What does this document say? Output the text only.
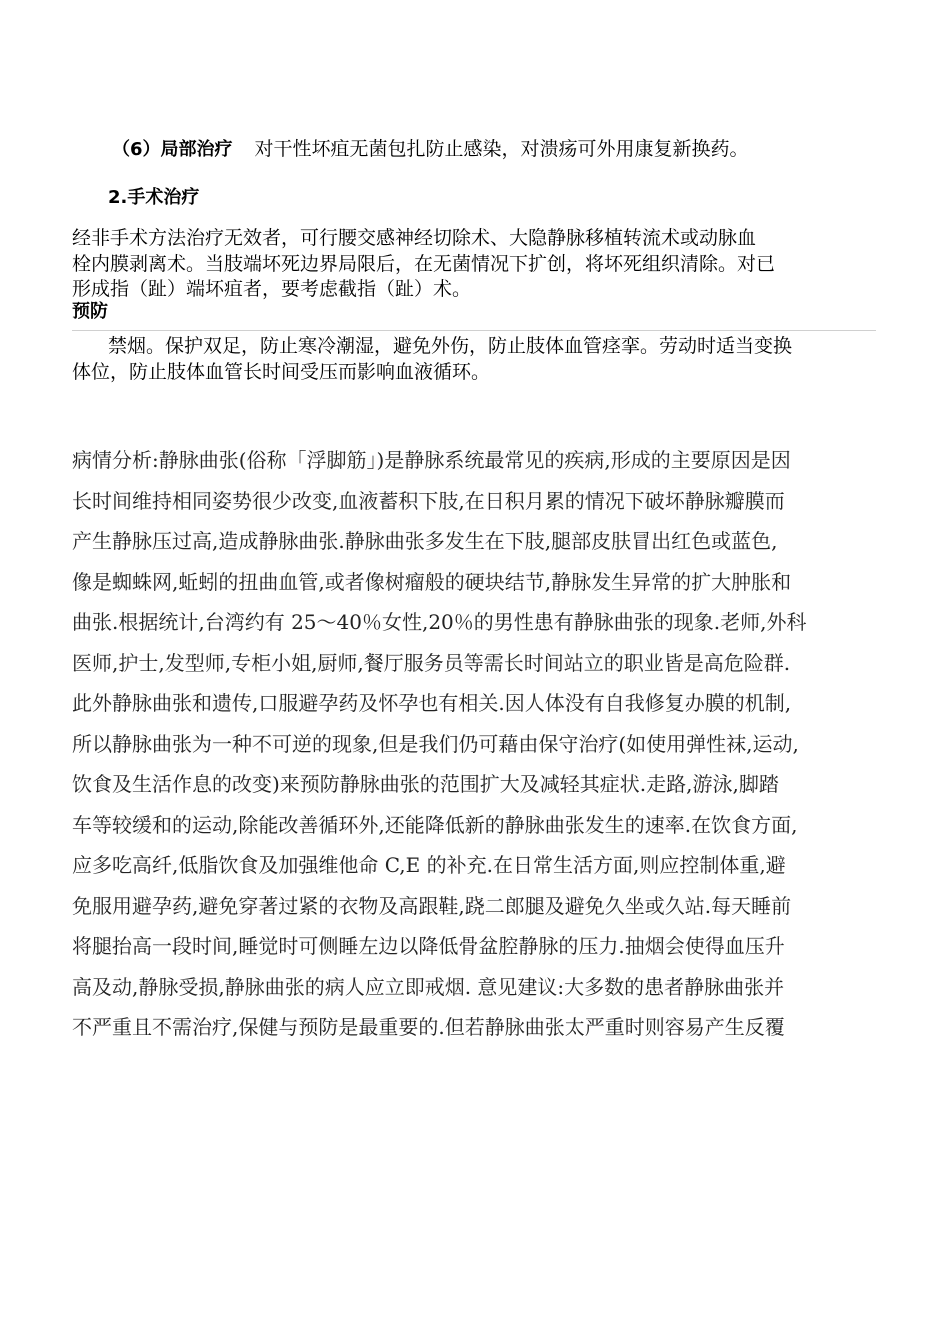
（6）局部治疗 对干性坏疽无菌包扎防止感染，对溃疡可外用康复新换药。

2.手术治疗

经非手术方法治疗无效者，可行腰交感神经切除术、大隐静脉移植转流术或动脉血

栓内膜剥离术。当肢端坏死边界局限后，在无菌情况下扩创，将坏死组织清除。对已

形成指（趾）端坏疽者，要考虑截指（趾）术。

预防

禁烟。保护双足，防止寒冷潮湿，避免外伤，防止肢体血管痉挛。劳动时适当变换

体位，防止肢体血管长时间受压而影响血液循环。

病情分析:静脉曲张(俗称「浮脚筋」)是静脉系统最常见的疾病,形成的主要原因是因
长时间维持相同姿势很少改变,血液蓄积下肢,在日积月累的情况下破坏静脉瓣膜而
产生静脉压过高,造成静脉曲张.静脉曲张多发生在下肢,腿部皮肤冒出红色或蓝色,
像是蜘蛛网,蚯蚓的扭曲血管,或者像树瘤般的硬块结节,静脉发生异常的扩大肿胀和
曲张.根据统计,台湾约有 25～40％女性,20％的男性患有静脉曲张的现象.老师,外科
医师,护士,发型师,专柜小姐,厨师,餐厅服务员等需长时间站立的职业皆是高危险群.
此外静脉曲张和遗传,口服避孕药及怀孕也有相关.因人体没有自我修复办膜的机制,
所以静脉曲张为一种不可逆的现象,但是我们仍可藉由保守治疗(如使用弹性袜,运动,
饮食及生活作息的改变)来预防静脉曲张的范围扩大及减轻其症状.走路,游泳,脚踏
车等较缓和的运动,除能改善循环外,还能降低新的静脉曲张发生的速率.在饮食方面,
应多吃高纤,低脂饮食及加强维他命 C,E 的补充.在日常生活方面,则应控制体重,避
免服用避孕药,避免穿著过紧的衣物及高跟鞋,跷二郎腿及避免久坐或久站.每天睡前
将腿抬高一段时间,睡觉时可侧睡左边以降低骨盆腔静脉的压力.抽烟会使得血压升
高及动,静脉受损,静脉曲张的病人应立即戒烟. 意见建议:大多数的患者静脉曲张并
不严重且不需治疗,保健与预防是最重要的.但若静脉曲张太严重时则容易产生反覆
